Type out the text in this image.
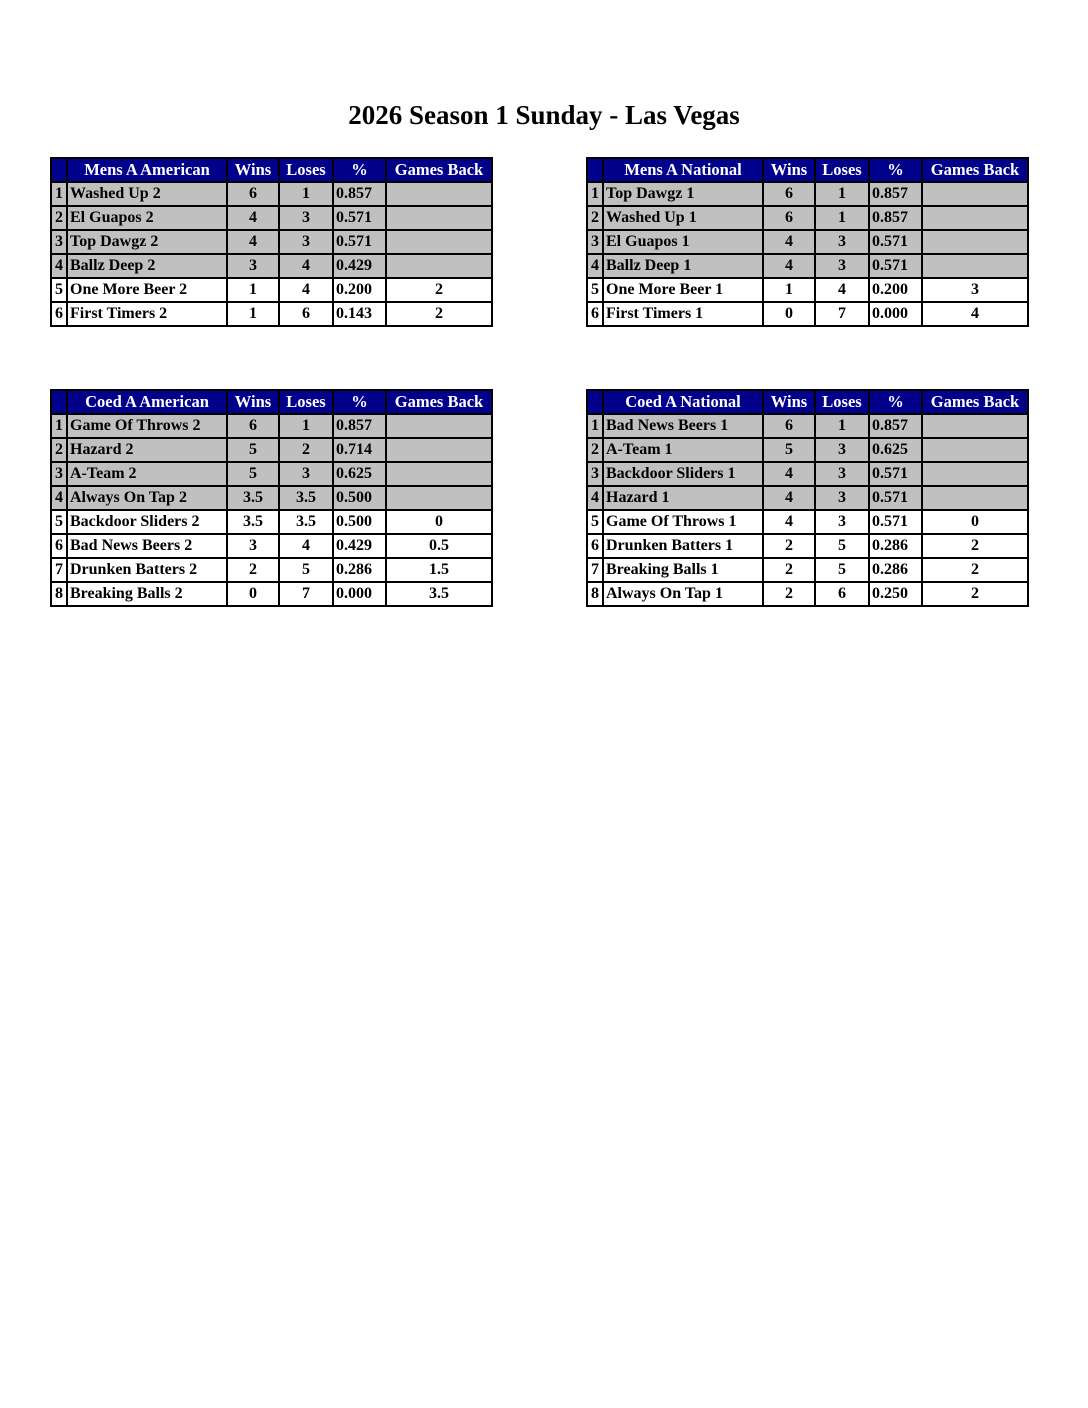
2026 Season 1 Sunday - Las Vegas
	Mens A American	Wins	Loses	%	Games Back
1	Washed Up 2	6	1	0.857	
2	El Guapos 2	4	3	0.571	
3	Top Dawgz 2	4	3	0.571	
4	Ballz Deep 2	3	4	0.429	
5	One More Beer 2	1	4	0.200	2
6	First Timers 2	1	6	0.143	2
	Mens A National	Wins	Loses	%	Games Back
1	Top Dawgz 1	6	1	0.857	
2	Washed Up 1	6	1	0.857	
3	El Guapos 1	4	3	0.571	
4	Ballz Deep 1	4	3	0.571	
5	One More Beer 1	1	4	0.200	3
6	First Timers 1	0	7	0.000	4
	Coed A American	Wins	Loses	%	Games Back
1	Game Of Throws 2	6	1	0.857	
2	Hazard 2	5	2	0.714	
3	A-Team 2	5	3	0.625	
4	Always On Tap 2	3.5	3.5	0.500	
5	Backdoor Sliders 2	3.5	3.5	0.500	0
6	Bad News Beers 2	3	4	0.429	0.5
7	Drunken Batters 2	2	5	0.286	1.5
8	Breaking Balls 2	0	7	0.000	3.5
	Coed A National	Wins	Loses	%	Games Back
1	Bad News Beers 1	6	1	0.857	
2	A-Team 1	5	3	0.625	
3	Backdoor Sliders 1	4	3	0.571	
4	Hazard 1	4	3	0.571	
5	Game Of Throws 1	4	3	0.571	0
6	Drunken Batters 1	2	5	0.286	2
7	Breaking Balls 1	2	5	0.286	2
8	Always On Tap 1	2	6	0.250	2
